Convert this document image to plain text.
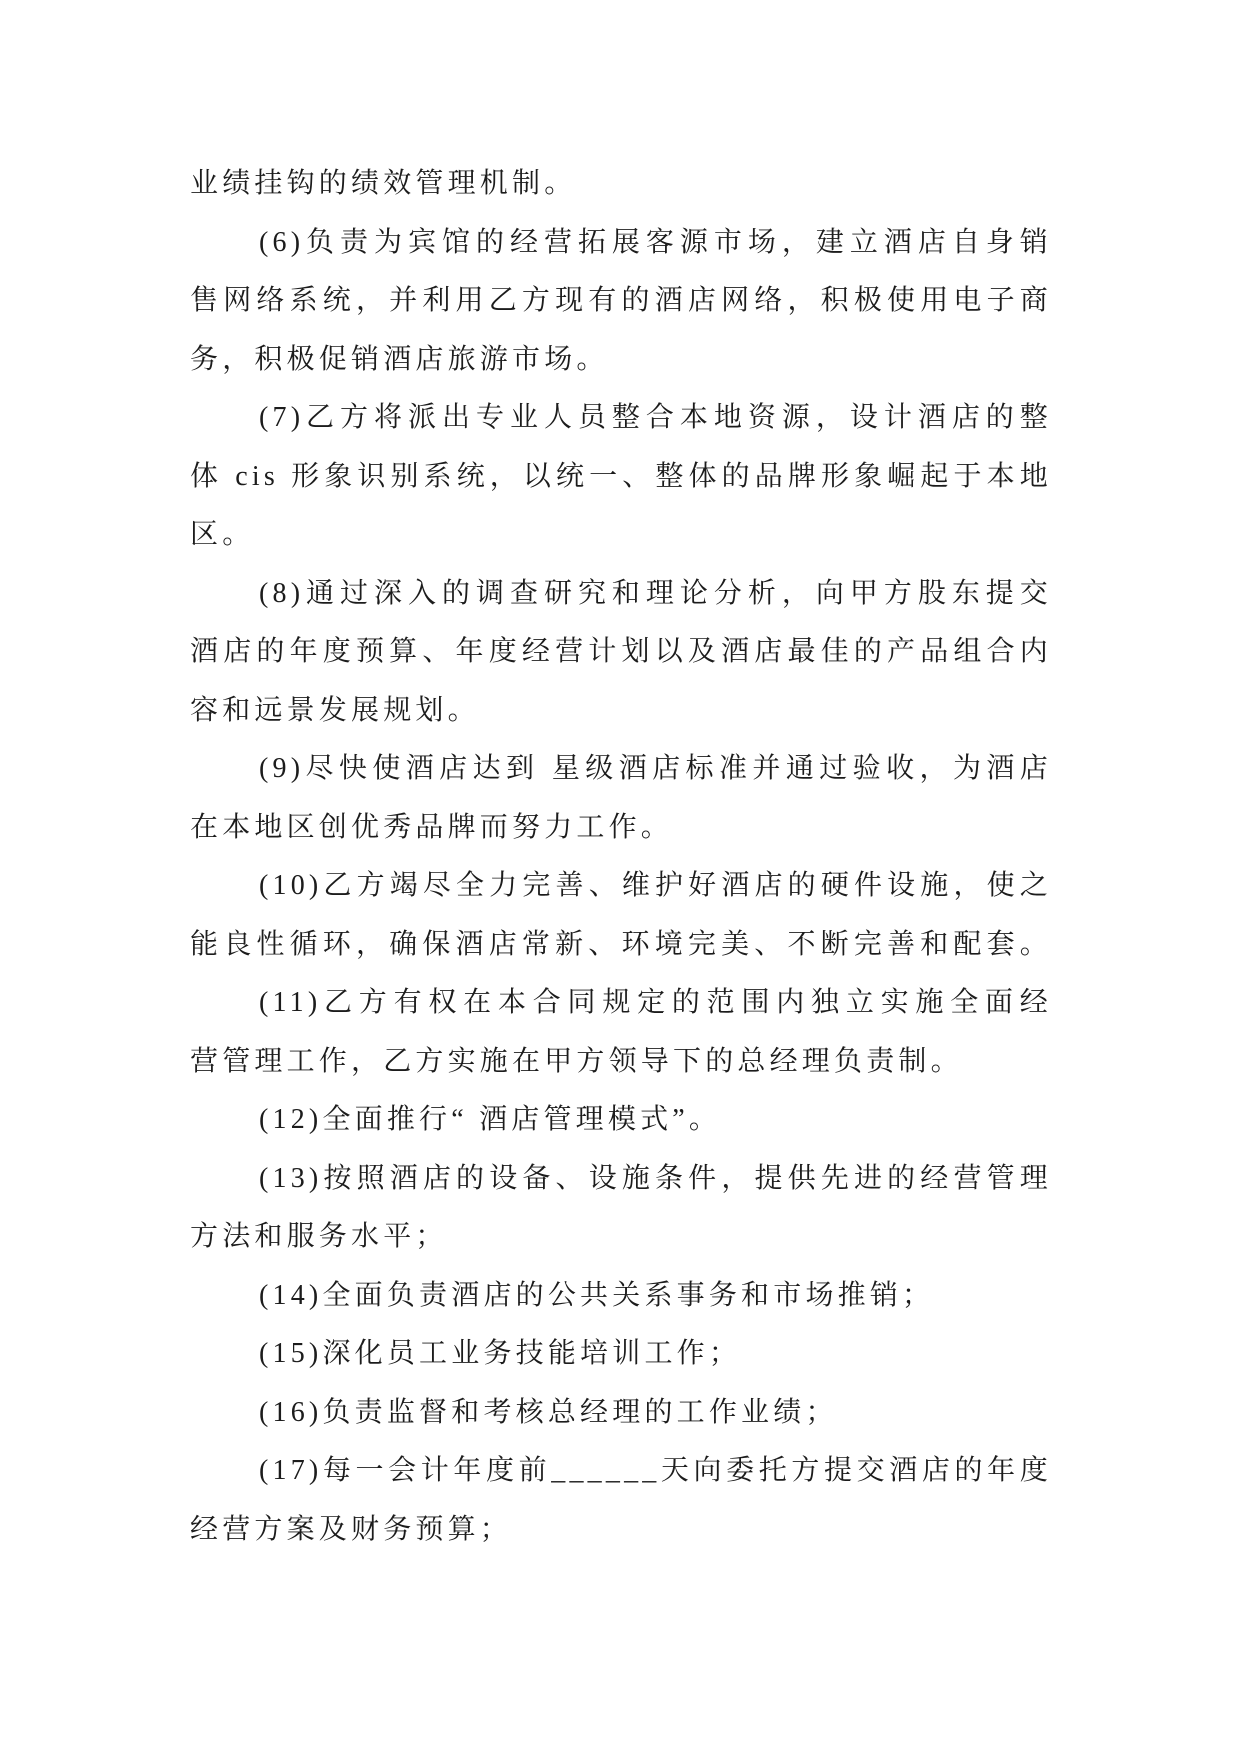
业绩挂钩的绩效管理机制。
(6)负责为宾馆的经营拓展客源市场，建立酒店自身销
售网络系统，并利用乙方现有的酒店网络，积极使用电子商
务，积极促销酒店旅游市场。
(7)乙方将派出专业人员整合本地资源，设计酒店的整
体 cis 形象识别系统，以统一、整体的品牌形象崛起于本地
区。
(8)通过深入的调查研究和理论分析，向甲方股东提交
酒店的年度预算、年度经营计划以及酒店最佳的产品组合内
容和远景发展规划。
(9)尽快使酒店达到 星级酒店标准并通过验收，为酒店
在本地区创优秀品牌而努力工作。
(10)乙方竭尽全力完善、维护好酒店的硬件设施，使之
能良性循环，确保酒店常新、环境完美、不断完善和配套。
(11)乙方有权在本合同规定的范围内独立实施全面经
营管理工作，乙方实施在甲方领导下的总经理负责制。
(12)全面推行“ 酒店管理模式”。
(13)按照酒店的设备、设施条件，提供先进的经营管理
方法和服务水平；
(14)全面负责酒店的公共关系事务和市场推销；
(15)深化员工业务技能培训工作；
(16)负责监督和考核总经理的工作业绩；
(17)每一会计年度前______天向委托方提交酒店的年度
经营方案及财务预算；
